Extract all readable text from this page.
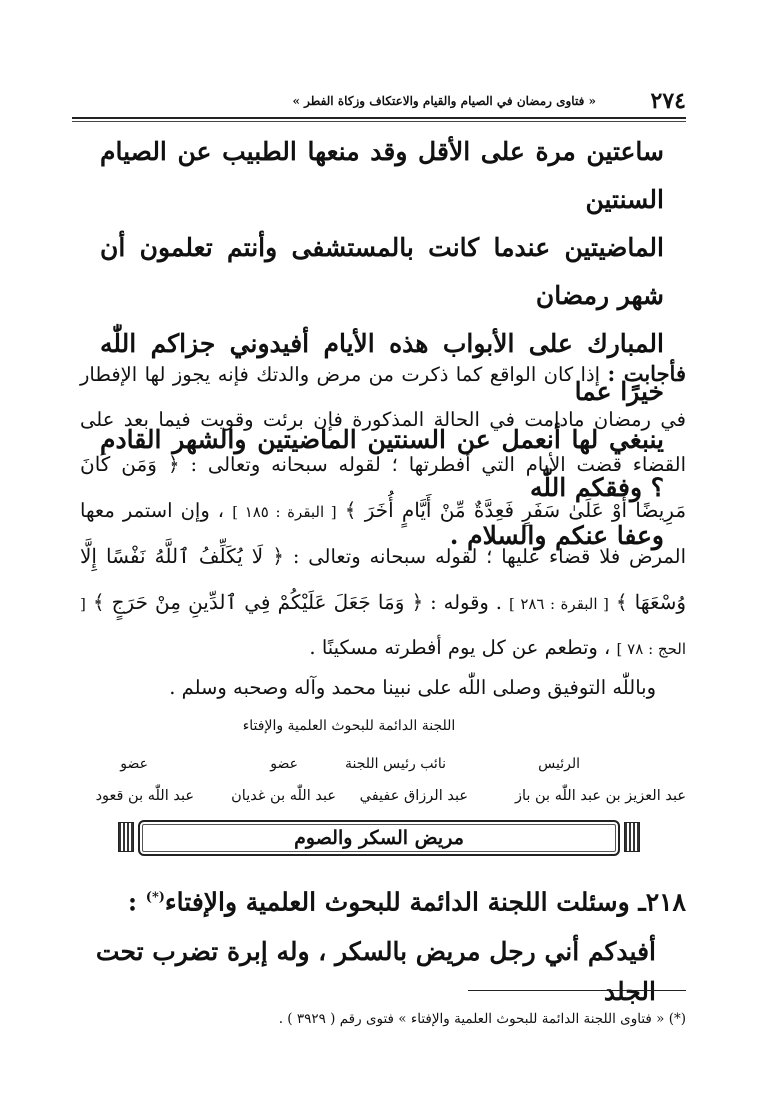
٢٧٤
« فتاوى رمضان في الصيام والقيام والاعتكاف وزكاة الفطر »
ساعتين مرة على الأقل وقد منعها الطبيب عن الصيام السنتين
الماضيتين عندما كانت بالمستشفى وأنتم تعلمون أن شهر رمضان
المبارك على الأبواب هذه الأيام أفيدوني جزاكم اللّٰه خيرًا عما
ينبغي لها أنعمل عن السنتين الماضيتين والشهر القادم ؟ وفقكم اللّٰه
وعفا عنكم والسلام .
فأجابت : إذا كان الواقع كما ذكرت من مرض والدتك فإنه يجوز لها الإفطار في رمضان مادامت في الحالة المذكورة فإن برئت وقويت فيما بعد على القضاء قضت الأيام التي أفطرتها ؛ لقوله سبحانه وتعالى : ﴿ وَمَن كَانَ مَرِيضًا أَوْ عَلَىٰ سَفَرٍ فَعِدَّةٌ مِّنْ أَيَّامٍ أُخَرَ ﴾ [ البقرة : ١٨٥ ] ، وإن استمر معها المرض فلا قضاء عليها ؛ لقوله سبحانه وتعالى : ﴿ لَا يُكَلِّفُ ٱللَّهُ نَفْسًا إِلَّا وُسْعَهَا ﴾ [ البقرة : ٢٨٦ ] . وقوله : ﴿ وَمَا جَعَلَ عَلَيْكُمْ فِي ٱلدِّينِ مِنْ حَرَجٍ ﴾ [ الحج : ٧٨ ] ، وتطعم عن كل يوم أفطرته مسكينًا .
وباللّٰه التوفيق وصلى اللّٰه على نبينا محمد وآله وصحبه وسلم .
اللجنة الدائمة للبحوث العلمية والإفتاء
الرئيس
نائب رئيس اللجنة
عضو
عضو
عبد العزيز بن عبد اللّٰه بن باز
عبد الرزاق عفيفي
عبد اللّٰه بن غديان
عبد اللّٰه بن قعود
مريض السكر والصوم
٢١٨ـ وسئلت اللجنة الدائمة للبحوث العلمية والإفتاء(*) :
أفيدكم أني رجل مريض بالسكر ، وله إبرة تضرب تحت الجلد
(*) « فتاوى اللجنة الدائمة للبحوث العلمية والإفتاء » فتوى رقم ( ٣٩٢٩ ) .
